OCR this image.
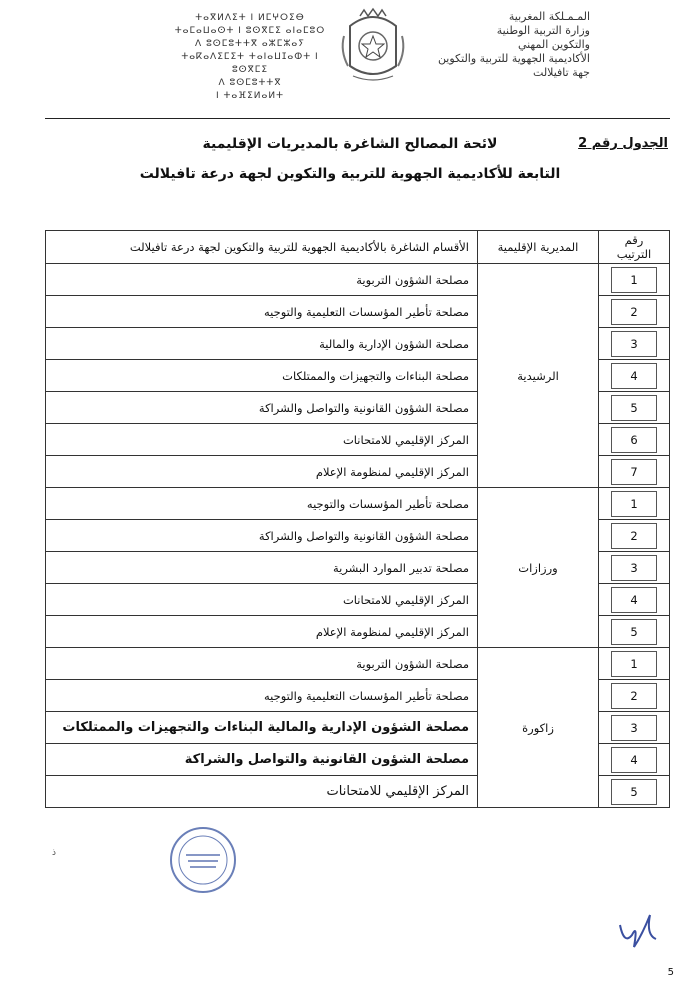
المـمـلكة المغربية
وزارة التربية الوطنية
والتكوين المهني
الأكاديمية الجهوية للتربية والتكوين
جهة تافيلالت
ⵜⴰⴳⵍⴷⵉⵜ ⵏ ⵍⵎⵖⵔⵉⴱ
ⵜⴰⵎⴰⵡⴰⵙⵜ ⵏ ⵓⵙⴳⵎⵉ ⴰⵏⴰⵎⵓⵔ
ⴷ ⵓⵙⵎⵓⵜⵜⴳ ⴰⵣⵎⵣⴰⵢ
ⵜⴰⴽⴰⴷⵉⵎⵉⵜ ⵜⴰⵏⴰⵡⵊⴰⵀⵜ ⵏ ⵓⵙⴳⵎⵉ
ⴷ ⵓⵙⵎⵓⵜⵜⴳ
ⵏ ⵜⴰⴼⵉⵍⴰⵍⵜ
الجدول رقم 2
لائحة المصالح الشاغرة بالمديريات الإقليمية
التابعة للأكاديمية الجهوية للتربية والتكوين لجهة درعة تافيلالت
رقم الترتيب	المديرية الإقليمية	الأقسام الشاغرة بالأكاديمية الجهوية للتربية والتكوين لجهة درعة تافيلالت
1	الرشيدية	مصلحة الشؤون التربوية
2		مصلحة تأطير المؤسسات التعليمية والتوجيه
3		مصلحة الشؤون الإدارية والمالية
4		مصلحة البناءات والتجهيزات والممتلكات
5		مصلحة الشؤون القانونية والتواصل والشراكة
6		المركز الإقليمي للامتحانات
7		المركز الإقليمي لمنظومة الإعلام
1	ورزازات	مصلحة تأطير المؤسسات والتوجيه
2		مصلحة الشؤون القانونية والتواصل والشراكة
3		مصلحة تدبير الموارد البشرية
4		المركز الإقليمي للامتحانات
5		المركز الإقليمي لمنظومة الإعلام
1	زاكورة	مصلحة الشؤون التربوية
2		مصلحة تأطير المؤسسات التعليمية والتوجيه
3		مصلحة الشؤون الإدارية والمالية البناءات والتجهيزات والممتلكات
4		مصلحة الشؤون القانونية والتواصل والشراكة
5		المركز الإقليمي للامتحانات
ذ
5
